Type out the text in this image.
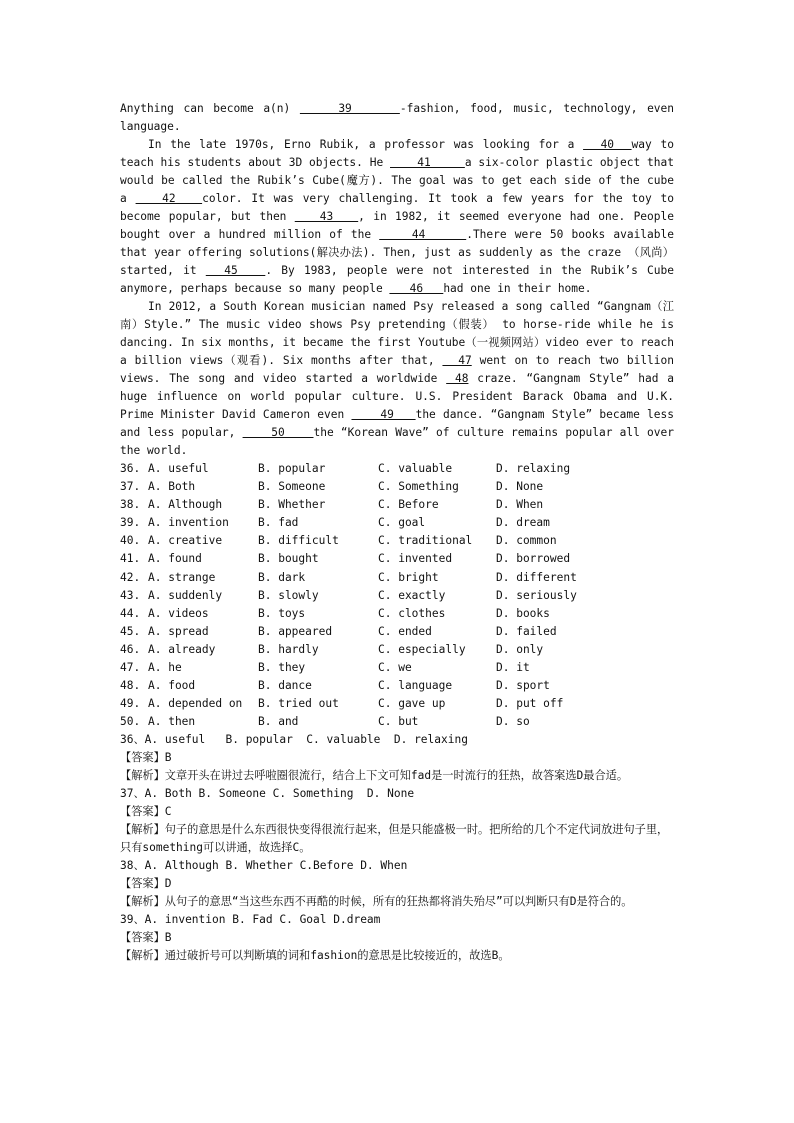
Anything can become a(n)     39     -fashion, food, music, technology, even language.

In the late 1970s, Erno Rubik, a professor was looking for a   40  way to teach his students about 3D objects. He     41     a six-color plastic object that would be called the Rubik’s Cube(魔方). The goal was to get each side of the cube a    42   color. It was very challenging. It took a few years for the toy to become popular, but then    43   , in 1982, it seemed everyone had one. People bought over a hundred million of the     44     .There were 50 books available that year offering solutions(解决办法). Then, just as suddenly as the craze （风尚） started, it   45   . By 1983, people were not interested in the Rubik’s Cube anymore, perhaps because so many people    46   had one in their home.

In 2012, a South Korean musician named Psy released a song called “Gangnam（江南）Style.” The music video shows Psy pretending（假装） to horse-ride while he is dancing. In six months, it became the first Youtube（一视频网站）video ever to reach a billion views（观看). Six months after that,   47 went on to reach two billion views. The song and video started a worldwide  48 craze. “Gangnam Style” had a huge influence on world popular culture. U.S. President Barack Obama and U.K. Prime Minister David Cameron even     49   the dance. “Gangnam Style” became less and less popular,     50    the “Korean Wave” of culture remains popular all over the world.

36. A. useful	B. popular	C. valuable	D. relaxing
37. A. Both	B. Someone	C. Something	D. None
38. A. Although	B. Whether	C. Before	D. When
39. A. invention	B. fad	C. goal	D. dream
40. A. creative	B. difficult	C. traditional	D. common
41. A. found	B. bought	C. invented	D. borrowed
42. A. strange	B. dark	C. bright	D. different
43. A. suddenly	B. slowly	C. exactly	D. seriously
44. A. videos	B. toys	C. clothes	D. books
45. A. spread	B. appeared	C. ended	D. failed
46. A. already	B. hardly	C. especially	D. only
47. A. he	B. they	C. we	D. it
48. A. food	B. dance	C. language	D. sport
49. A. depended on	B. tried out	C. gave up	D. put off
50. A. then	B. and	C. but	D. so
36、A. useful   B. popular  C. valuable  D. relaxing
【答案】B
【解析】文章开头在讲过去呼啦圈很流行，结合上下文可知fad是一时流行的狂热，故答案选D最合适。
37、A. Both B. Someone C. Something  D. None
【答案】C
【解析】句子的意思是什么东西很快变得很流行起来，但是只能盛极一时。把所给的几个不定代词放进句子里，只有something可以讲通，故选择C。
38、A. Although B. Whether C.Before D. When
【答案】D
【解析】从句子的意思“当这些东西不再酷的时候，所有的狂热都将消失殆尽”可以判断只有D是符合的。
39、A. invention B. Fad C. Goal D.dream
【答案】B
【解析】通过破折号可以判断填的词和fashion的意思是比较接近的，故选B。
